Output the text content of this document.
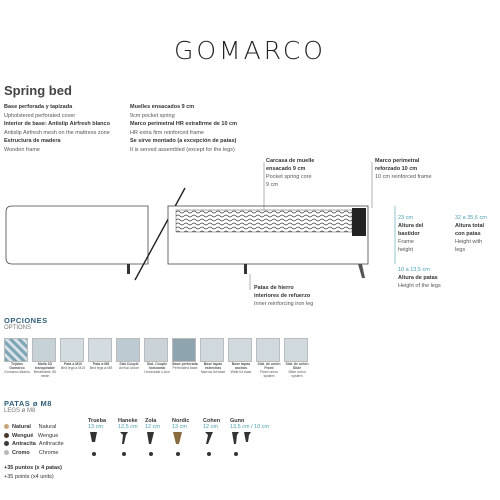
GOMARCO
Spring bed
Base perforada y tapizada
Upholstered perforated cover
Interior de base: Antislip Airfresh blanco
Antislip Airfresh mesh on the mattress zone
Estructura de madera
Wooden frame
Muelles ensacados 9 cm
9cm pocket spring
Marco perimetral HR extrafirme de 10 cm
HR extra firm reinforced frame
Se sirve montado (a excepción de patas)
It is served assembled (except for the legs)
Carcasa de muelle
ensacado 9 cm
Pocket spring core
9 cm
Marco perimetral
reforzado 10 cm
10 cm reinforced frame
23 cm
Altura del
bastidor
Frame
height
32 a 35,6 cm
Altura total
con patas
Height with
legs
10 a 13,5 cm
Altura de patas
Height of the legs
Patas de hierro
interiores de refuerzo
Inner reinforcing iron leg
OPCIONES
OPTIONS
Tejidos Gomarco
Gomarco fabrics
Malla 3D transpirable
Breathable 3D mesh
Pata a M10
Bed legs a M10
Pata ø M8
Bed legs ø M8
Slat Couple
Arrival Union
Slat. Couple horizontal
Horizontal u.tion
Base perforada
Perforated base
Base tapas estrechas
Narrow lid base
Base tapas anchas
Wide lid base
Slat. de unión Fixed
Fixed union system
Slat. de unión Slide
Slide union system
PATAS ø M8
LEGS ø M8
Natural Natural
Wengué Wengue
Antracita Anthracite
Cromo Chrome
+35 puntos (x 4 patas)
+35 points (x4 units)
Trueba
13 cm
Haneke
12,5 cm
Zola
12 cm
Nordic
13 cm
Cohen
12 cm
Gunn
13,5 cm / 10 cm
